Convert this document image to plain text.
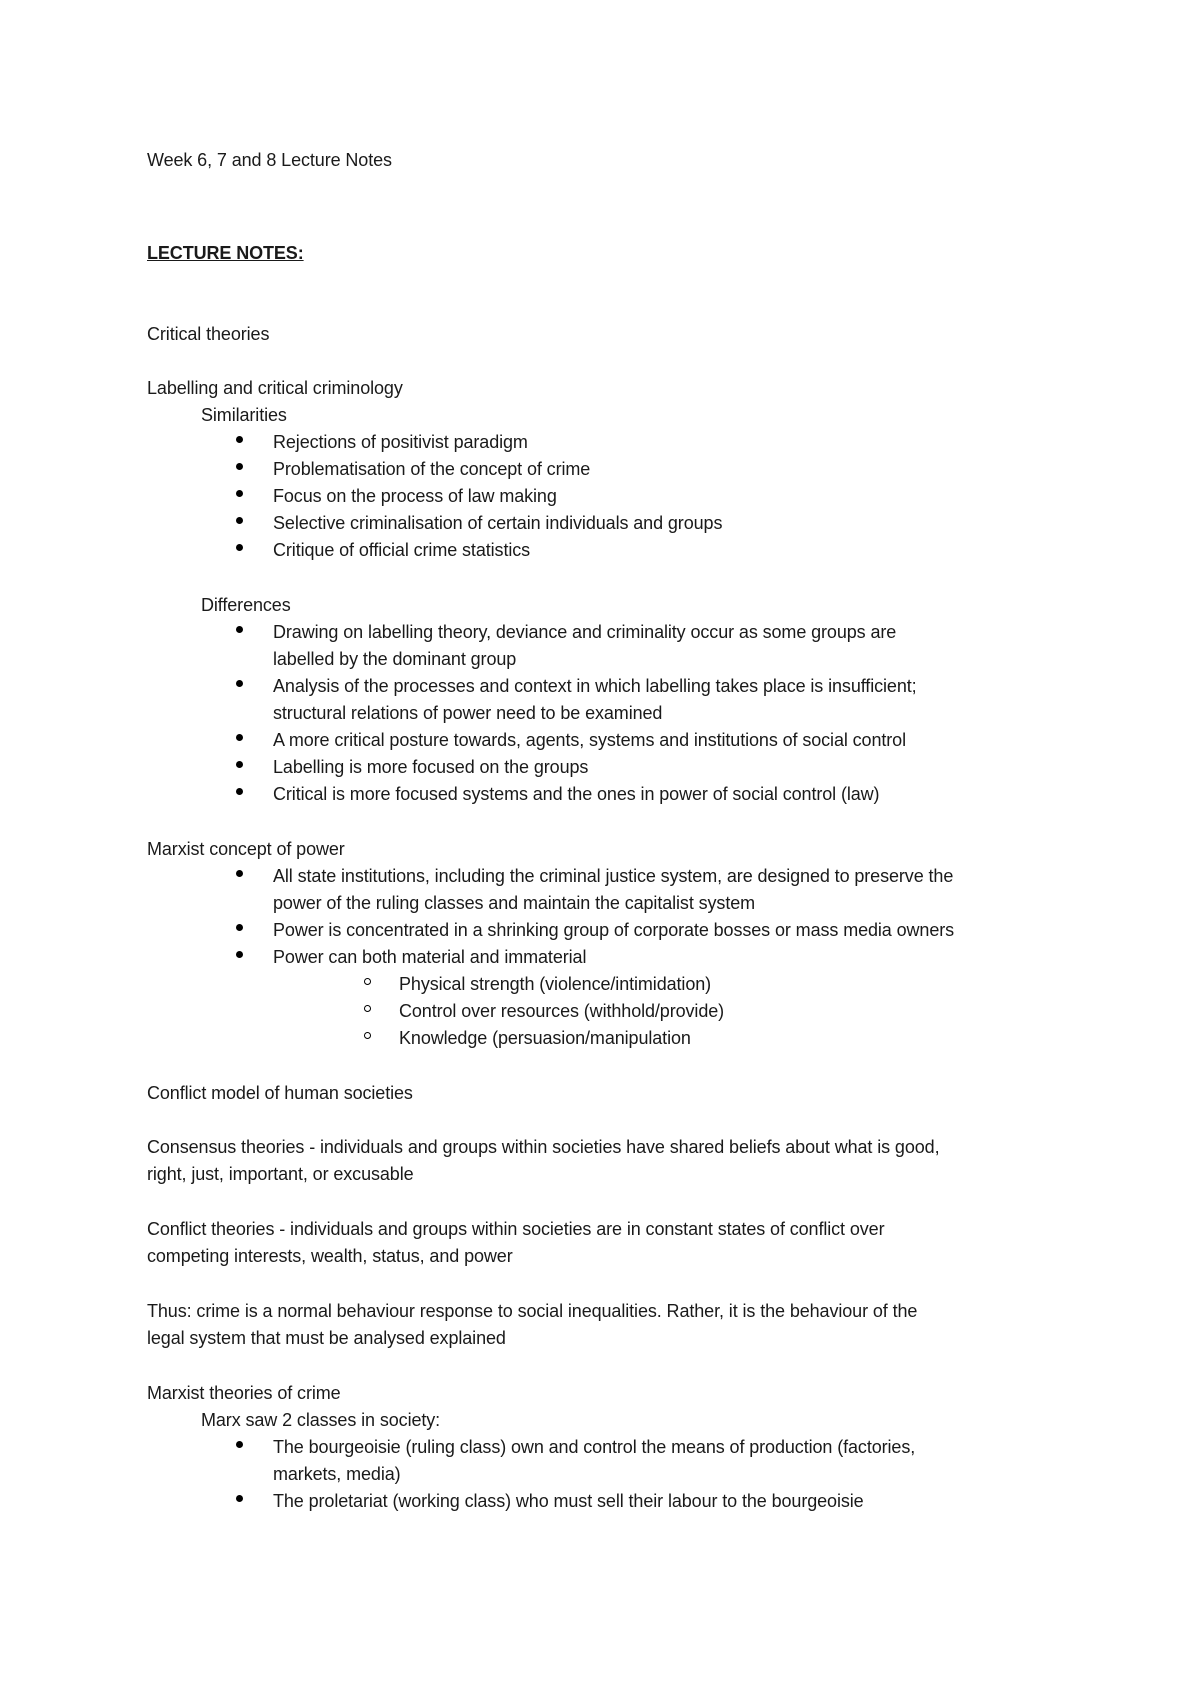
Week 6, 7 and 8 Lecture Notes
LECTURE NOTES:
Critical theories
Labelling and critical criminology
Similarities
Rejections of positivist paradigm
Problematisation of the concept of crime
Focus on the process of law making
Selective criminalisation of certain individuals and groups
Critique of official crime statistics
Differences
Drawing on labelling theory, deviance and criminality occur as some groups are
labelled by the dominant group
Analysis of the processes and context in which labelling takes place is insufficient;
structural relations of power need to be examined
A more critical posture towards, agents, systems and institutions of social control
Labelling is more focused on the groups
Critical is more focused systems and the ones in power of social control (law)
Marxist concept of power
All state institutions, including the criminal justice system, are designed to preserve the
power of the ruling classes and maintain the capitalist system
Power is concentrated in a shrinking group of corporate bosses or mass media owners
Power can both material and immaterial
Physical strength (violence/intimidation)
Control over resources (withhold/provide)
Knowledge (persuasion/manipulation
Conflict model of human societies
Consensus theories - individuals and groups within societies have shared beliefs about what is good,
right, just, important, or excusable
Conflict theories - individuals and groups within societies are in constant states of conflict over
competing interests, wealth, status, and power
Thus: crime is a normal behaviour response to social inequalities. Rather, it is the behaviour of the
legal system that must be analysed explained
Marxist theories of crime
Marx saw 2 classes in society:
The bourgeoisie (ruling class) own and control the means of production (factories,
markets, media)
The proletariat (working class) who must sell their labour to the bourgeoisie
